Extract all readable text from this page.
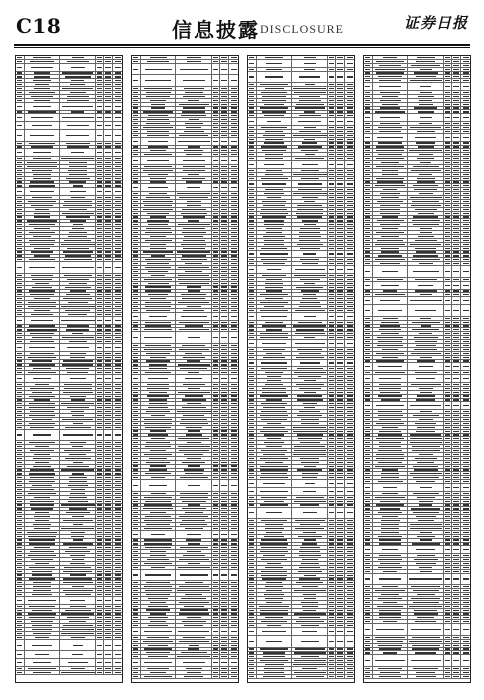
C18	信息披露 DISCLOSURE	证券日报
